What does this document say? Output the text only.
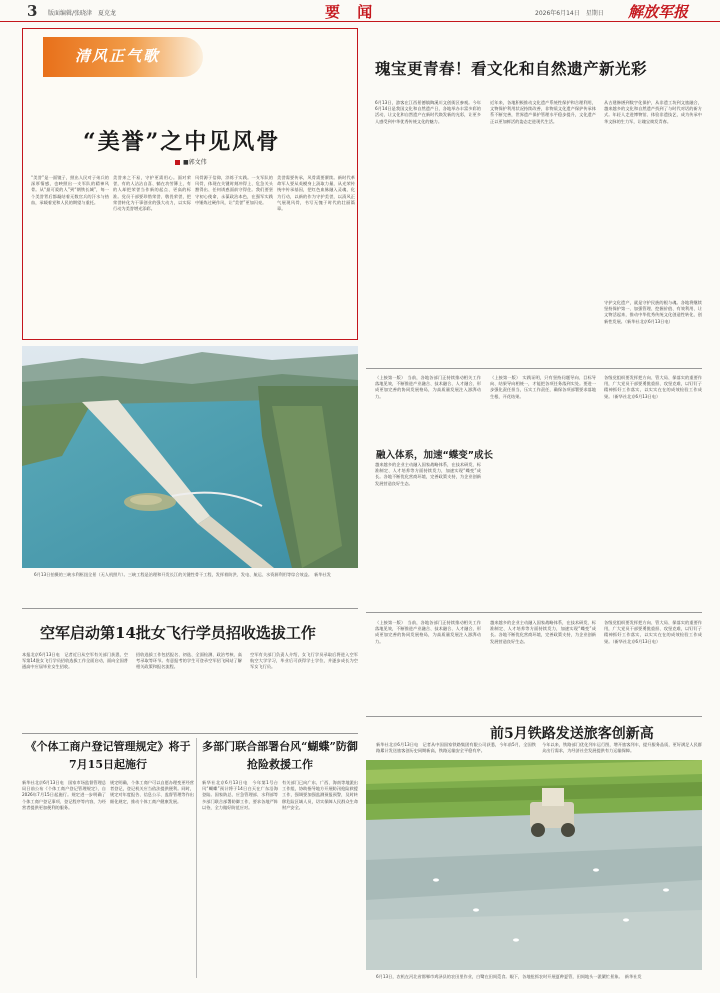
3 版面编辑/张晓津　夏克龙	要 闻	2026年6月14日　星期日 解放军报
清风正气歌
“美誉”之中见风骨
■郭文伟
“美誉”是一面镜子，照出人民对子弟兵的深厚情感，也映照出一支军队的精神风骨。从“最可爱的人”到“钢铁长城”，每一个美誉背后都凝结着无数官兵的汗水与热血，承载着党和人民的期望与重托。
美誉来之不易，守护更需用心。面对荣誉，有的人沾沾自喜、躺在功劳簿上，有的人却把荣誉当作新的起点、更高的标准。党员干部要珍惜荣誉、敬畏荣誉，把荣誉转化为干事创业的强大动力，以实际行动为美誉增光添彩。
风骨源于信仰，淬炼于实践。一支军队的风骨，体现在关键时刻冲得上、危急关头豁得出、任何诱惑面前守得住。我们要坚守初心使命，永葆政治本色，在强军实践中锤炼过硬作风，让“美誉”更加闪亮。
美誉需要传承，风骨需要赓续。新时代革命军人要从英模身上汲取力量，从光荣传统中传承基因，把红色血脉融入灵魂、化为行动，以新的作为守护美誉，以清风正气展现风骨，书写无愧于时代的壮丽篇章。
瑰宝更青春！看文化和自然遗产新光彩
6月13日，游客在江西景德镇陶溪川文创街区参观。今年6月14日是我国文化和自然遗产日，各地举办丰富多彩的活动，让文化和自然遗产在新时代焕发新的光彩，让更多人感受到中华优秀传统文化的魅力。
近年来，各地积极推动文化遗产系统性保护和合理利用，文物保护利用状况持续改善，非物质文化遗产保护传承体系不断完善，世界遗产保护管理水平稳步提升，文化遗产正以更加鲜活的姿态走进现代生活。
从古建修缮到数字化保护，从非遗工坊到文旅融合，越来越多的文化和自然遗产找到了与时代对话的新方式。年轻人走进博物馆、体验非遗技艺，成为传承中华文脉的生力军，让瑰宝焕发青春。
守护文化遗产，就是守护民族的根与魂。各地将继续坚持保护第一、加强管理、挖掘价值、有效利用、让文物活起来，推动中华优秀传统文化创造性转化、创新性发展。（新华社北京6月13日电）
6月13日拍摄的三峡水利枢纽全景（无人机照片）。三峡工程是治理和开发长江的关键性骨干工程，发挥着防洪、发电、航运、水资源利用等综合效益。　新华社发
（上接第一版）　当前，各地各部门正持续推动相关工作落地见效，不断推进产业融合、技术融合、人才融合，形成更加完善的协同发展格局，为高质量发展注入澎湃动力。
融入体系，加速“蝶变”成长
越来越多的企业主动融入国家战略体系，在技术研发、标准制定、人才培养等方面持续发力，加速实现“蝶变”成长。各地不断优化营商环境，完善政策支持，为企业创新发展营造良好生态。
（上接第一版）　实践证明，只有坚持问题导向、目标导向、结果导向相统一，才能把各项任务落到实处。要进一步强化责任担当，压实工作责任，确保各项部署要求落地生根、开花结果。
各级党组织要发挥把方向、管大局、保落实的重要作用，广大党员干部要勇挑重担、攻坚克难，以钉钉子精神抓好工作落实，以实实在在的成效检验工作成果。（新华社北京6月13日电）
（上接第一版）　当前，各地各部门正持续推动相关工作落地见效，不断推进产业融合、技术融合、人才融合，形成更加完善的协同发展格局，为高质量发展注入澎湃动力。
越来越多的企业主动融入国家战略体系，在技术研发、标准制定、人才培养等方面持续发力，加速实现“蝶变”成长。各地不断优化营商环境，完善政策支持，为企业创新发展营造良好生态。
各级党组织要发挥把方向、管大局、保落实的重要作用，广大党员干部要勇挑重担、攻坚克难，以钉钉子精神抓好工作落实，以实实在在的成效检验工作成果。（新华社北京6月13日电）
空军启动第14批女飞行学员招收选拔工作
本报北京6月13日电　记者近日从空军有关部门获悉，空军第14批女飞行学员招收选拔工作全面启动，面向全国普通高中应届毕业女生招收。
招收选拔工作包括报名、初选、全面检测、政治考核、高考录取等环节。有意报考的学生可登录空军招飞网站了解相关政策和报名流程。
空军有关部门负责人介绍，女飞行学员录取后将进入空军航空大学学习，毕业后可获得学士学位，并逐步成长为空军女飞行员。
《个体工商户登记管理规定》将于7月15日起施行
新华社北京6月13日电　国家市场监督管理总局日前公布《个体工商户登记管理规定》，自2026年7月15日起施行。规定进一步明确了个体工商户登记事项、登记程序等内容，为经营者提供更加便利的服务。
规定明确，个体工商户可以自愿办理变更经营者登记，登记机关应当依法提供便利。同时，规定对年度报告、信息公示、监督管理等作出细化规定，推动个体工商户健康发展。
多部门联合部署台风“蝴蝶”防御抢险救援工作
新华社北京6月13日电　今年第1号台风“蝴蝶”预计将于14日白天在广东沿海登陆。国家防总、应急管理部、水利部等多部门联合部署防御工作，要求各地严阵以待，全力做好防范应对。
有关部门已向广东、广西、海南等地派出工作组，协助指导地方开展防汛抢险救援工作，强调要加强监测预报预警，及时转移危险区域人员，切实保障人民群众生命财产安全。
前5月铁路发送旅客创新高
新华社北京6月13日电　记者从中国国家铁路集团有限公司获悉，今年前5月，全国铁路累计发送旅客创历史同期新高，铁路运输安全平稳有序。
今年以来，铁路部门优化列车运行图，增开旅客列车，提升服务品质，更好满足人民群众出行需求，为经济社会发展提供有力运输保障。
6月13日，农机在河北省邯郸市鸡泽县的农田里作业，白鹭在田间觅食。眼下，各地抢抓农时开展夏种夏管，田间地头一派繁忙景象。　新华社发
